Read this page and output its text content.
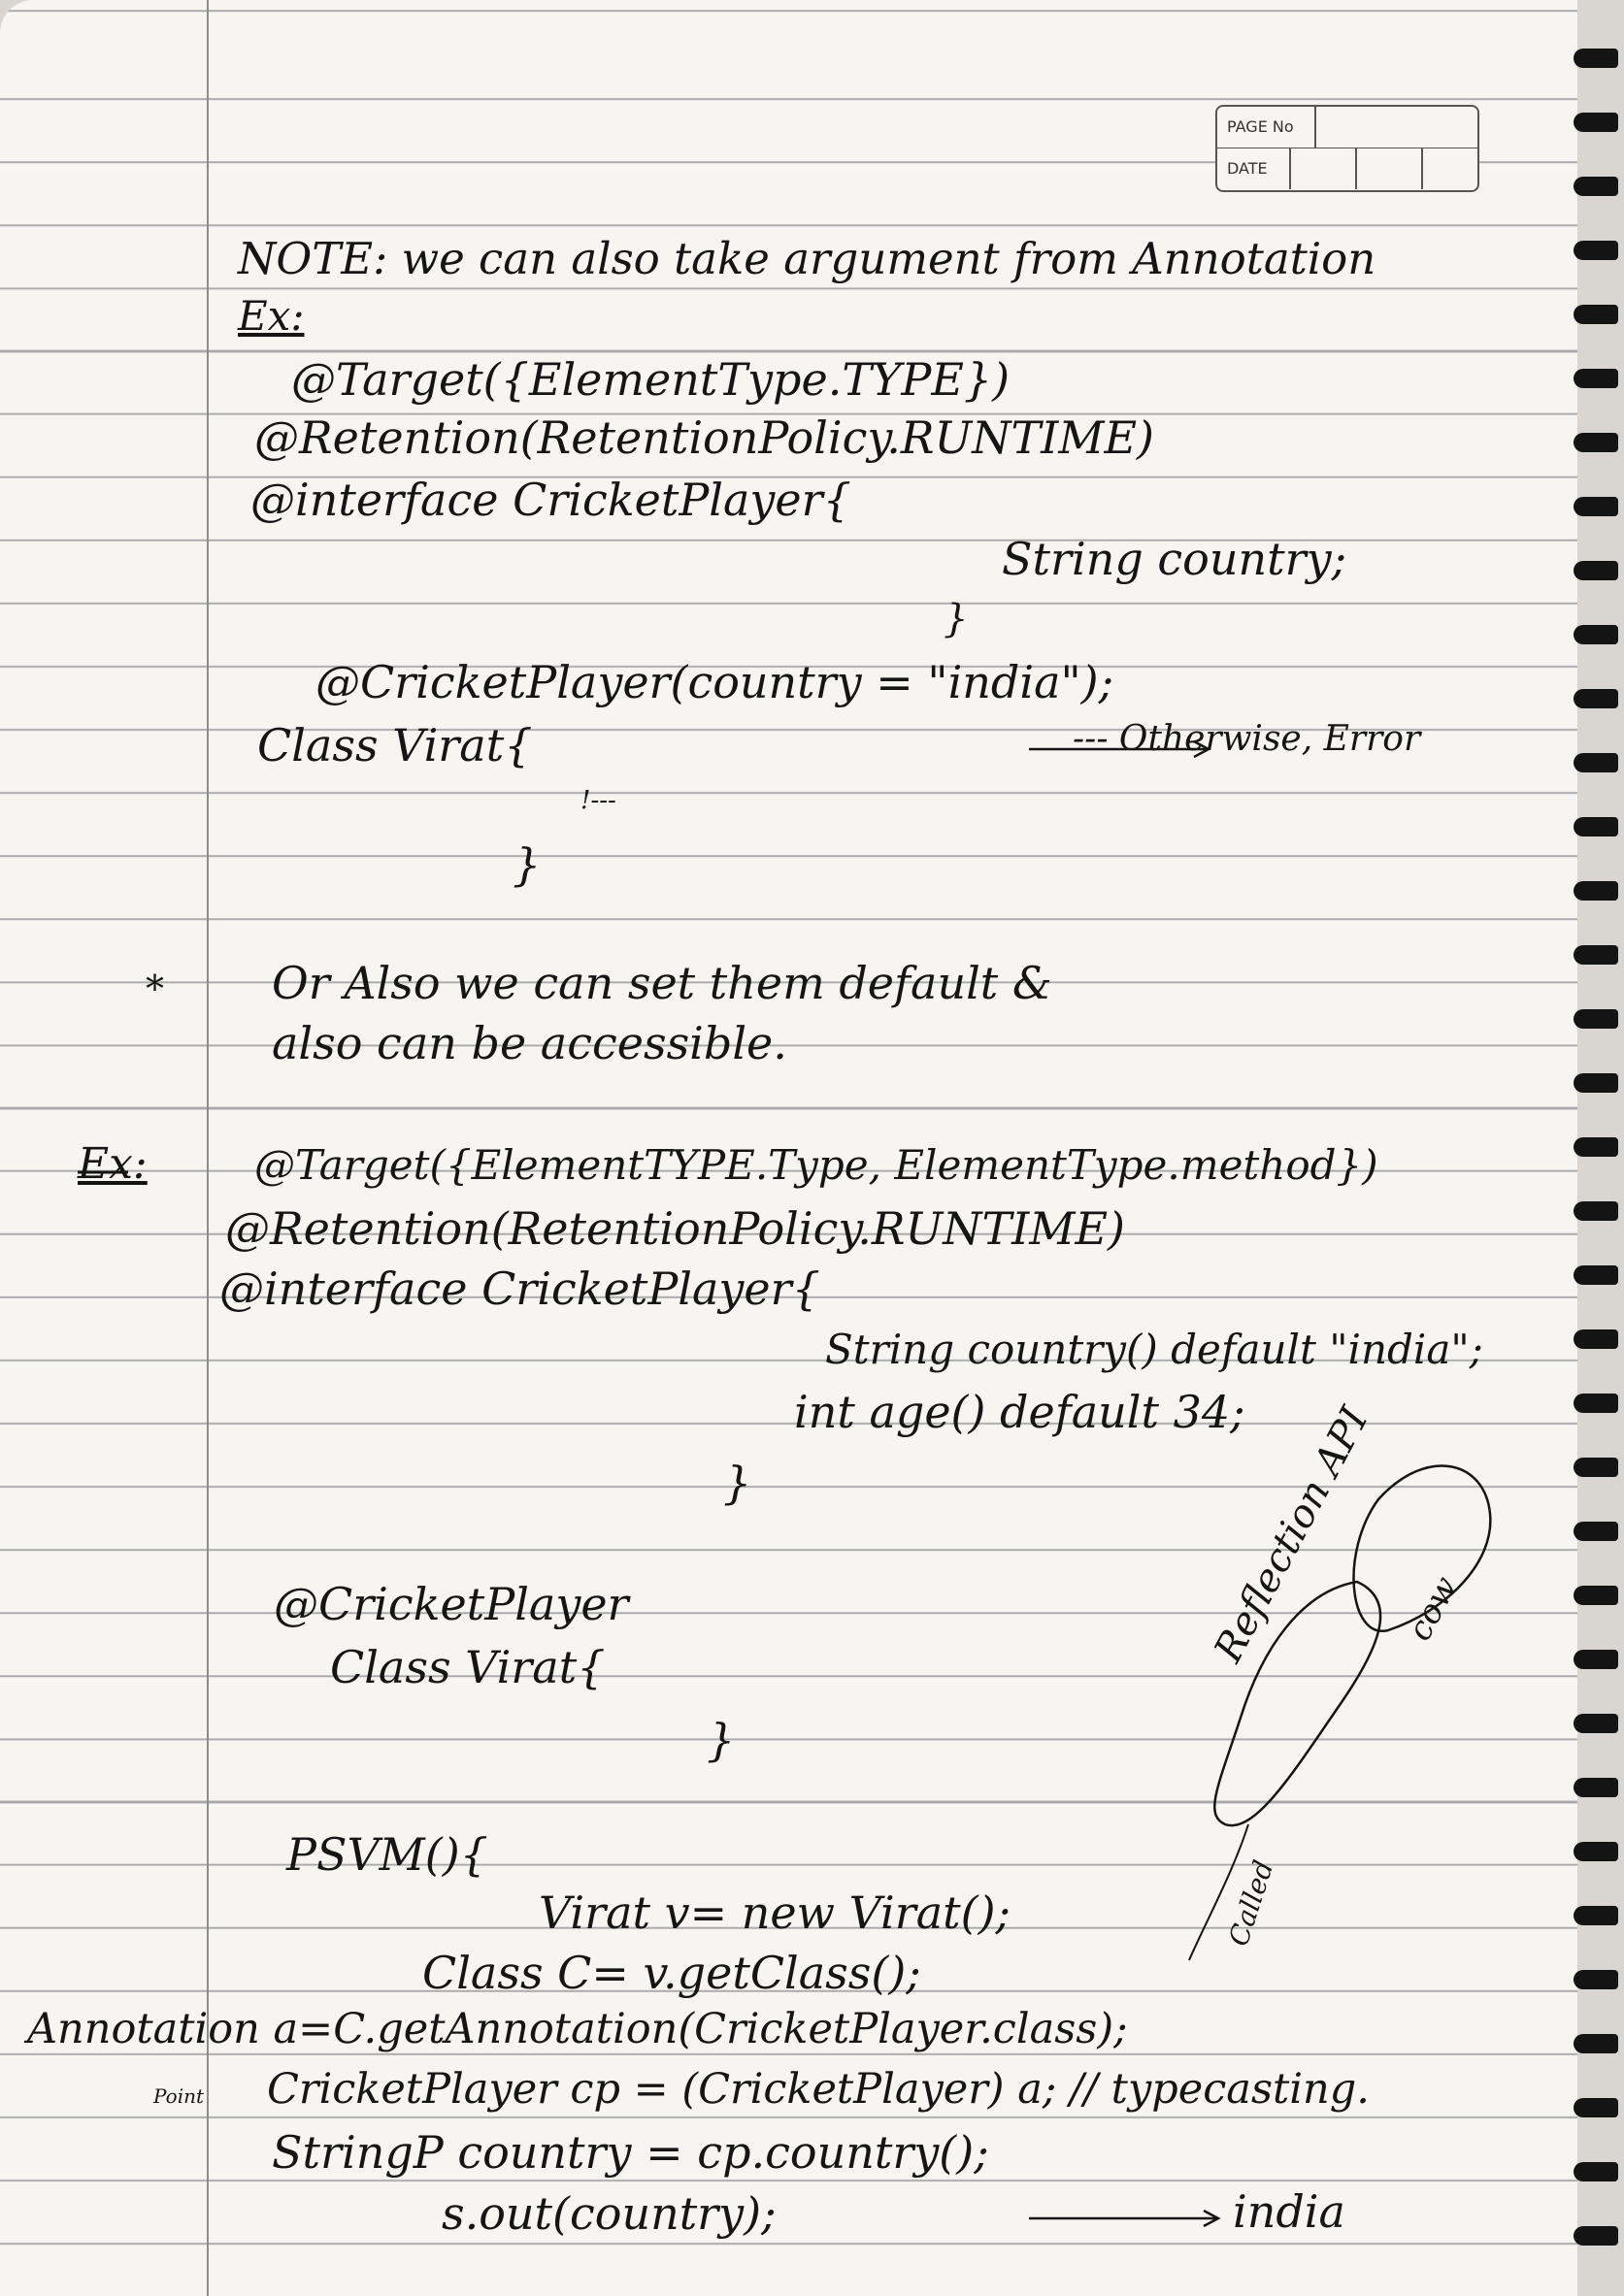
PAGE No
DATE
NOTE: we can also take argument from Annotation
Ex:
@Target({ElementType.TYPE})
@Retention(RetentionPolicy.RUNTIME)
@interface CricketPlayer{
String country;
}
@CricketPlayer(country = "india");
Class Virat{	--- Otherwise, Error
!---
}
* Or Also we can set them default &
also can be accessible.
Ex:	@Target({ElementTYPE.Type, ElementType.method})
@Retention(RetentionPolicy.RUNTIME)
@interface CricketPlayer{
String country() default "india";
int age() default 34;
}
@CricketPlayer
Class Virat{
}
PSVM(){
Virat v= new Virat();
Class C= v.getClass();
Annotation a=C.getAnnotation(CricketPlayer.class);
Point CricketPlayer cp = (CricketPlayer) a; // typecasting.
StringP country = cp.country();
s.out(country);	india
Reflection API cow
Called
